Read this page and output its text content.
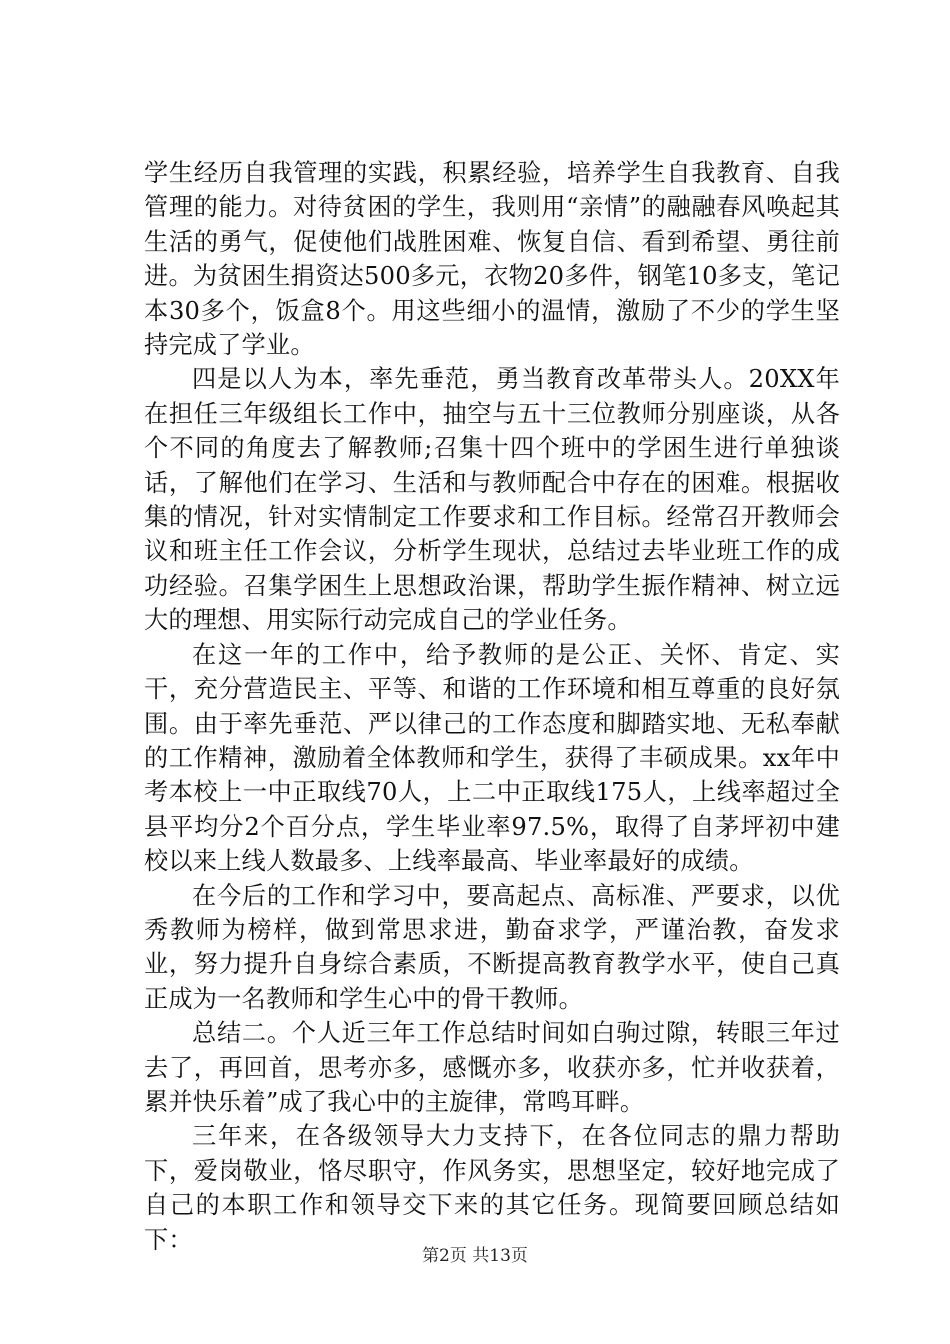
学生经历自我管理的实践，积累经验，培养学生自我教育、自我管理的能力。对待贫困的学生，我则用“亲情”的融融春风唤起其生活的勇气，促使他们战胜困难、恢复自信、看到希望、勇往前进。为贫困生捐资达500多元，衣物20多件，钢笔10多支，笔记本30多个，饭盒8个。用这些细小的温情，激励了不少的学生坚持完成了学业。

四是以人为本，率先垂范，勇当教育改革带头人。20XX年在担任三年级组长工作中，抽空与五十三位教师分别座谈，从各个不同的角度去了解教师;召集十四个班中的学困生进行单独谈话，了解他们在学习、生活和与教师配合中存在的困难。根据收集的情况，针对实情制定工作要求和工作目标。经常召开教师会议和班主任工作会议，分析学生现状，总结过去毕业班工作的成功经验。召集学困生上思想政治课，帮助学生振作精神、树立远大的理想、用实际行动完成自己的学业任务。

在这一年的工作中，给予教师的是公正、关怀、肯定、实干，充分营造民主、平等、和谐的工作环境和相互尊重的良好氛围。由于率先垂范、严以律己的工作态度和脚踏实地、无私奉献的工作精神，激励着全体教师和学生，获得了丰硕成果。xx年中考本校上一中正取线70人，上二中正取线175人，上线率超过全县平均分2个百分点，学生毕业率97.5%，取得了自茅坪初中建校以来上线人数最多、上线率最高、毕业率最好的成绩。

在今后的工作和学习中，要高起点、高标准、严要求，以优秀教师为榜样，做到常思求进，勤奋求学，严谨治教，奋发求业，努力提升自身综合素质，不断提高教育教学水平，使自己真正成为一名教师和学生心中的骨干教师。

总结二。个人近三年工作总结时间如白驹过隙，转眼三年过去了，再回首，思考亦多，感慨亦多，收获亦多，忙并收获着，累并快乐着”成了我心中的主旋律，常鸣耳畔。

三年来，在各级领导大力支持下，在各位同志的鼎力帮助下，爱岗敬业，恪尽职守，作风务实，思想坚定，较好地完成了自己的本职工作和领导交下来的其它任务。现简要回顾总结如下：

第2页 共13页
